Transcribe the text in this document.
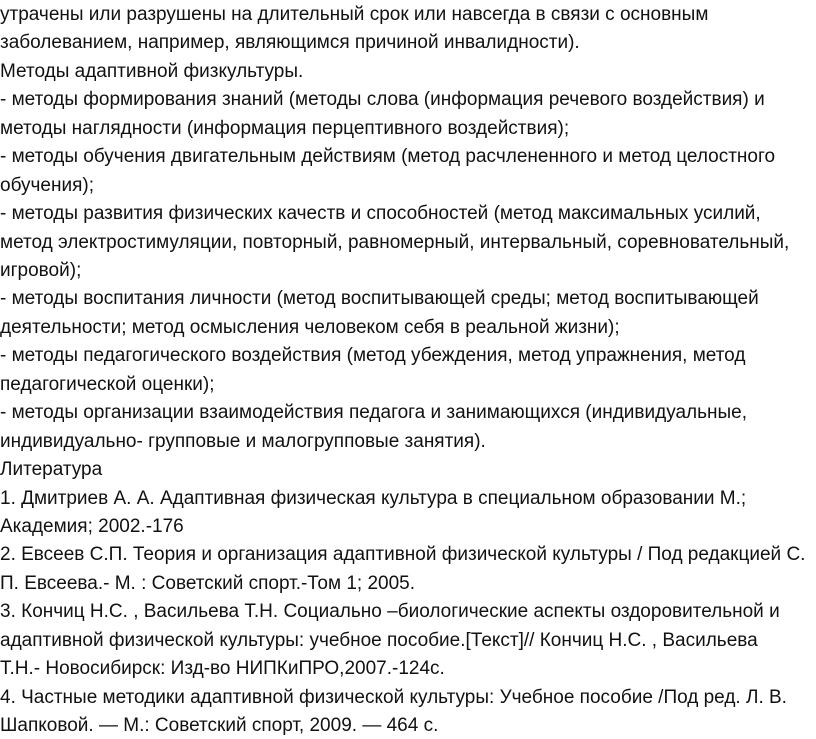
утрачены или разрушены на длительный срок или навсегда в связи с основным
заболеванием, например, являющимся причиной инвалидности).
Методы адаптивной физкультуры.
- методы формирования знаний (методы слова (информация речевого воздействия) и
методы наглядности (информация перцептивного воздействия);
- методы обучения двигательным действиям (метод расчлененного и метод целостного
обучения);
- методы развития физических качеств и способностей (метод максимальных усилий,
метод электростимуляции, повторный, равномерный, интервальный, соревновательный,
игровой);
- методы воспитания личности (метод воспитывающей среды; метод воспитывающей
деятельности; метод осмысления человеком себя в реальной жизни);
- методы педагогического воздействия (метод убеждения, метод упражнения, метод
педагогической оценки);
- методы организации взаимодействия педагога и занимающихся (индивидуальные,
индивидуально- групповые и малогрупповые занятия).
Литература
1. Дмитриев А. А. Адаптивная физическая культура в специальном образовании М.;
Академия; 2002.-176
2. Евсеев С.П. Теория и организация адаптивной физической культуры / Под редакцией С.
П. Евсеева.- М. : Советский спорт.-Том 1; 2005.
3. Кончиц Н.С. , Васильева Т.Н. Социально –биологические аспекты оздоровительной и
адаптивной физической культуры: учебное пособие.[Текст]// Кончиц Н.С. , Васильева
Т.Н.- Новосибирск: Изд-во НИПКиПРО,2007.-124с.
4. Частные методики адаптивной физической культуры: Учебное пособие /Под ред. Л. В.
Шапковой. — М.: Советский спорт, 2009. — 464 с.
